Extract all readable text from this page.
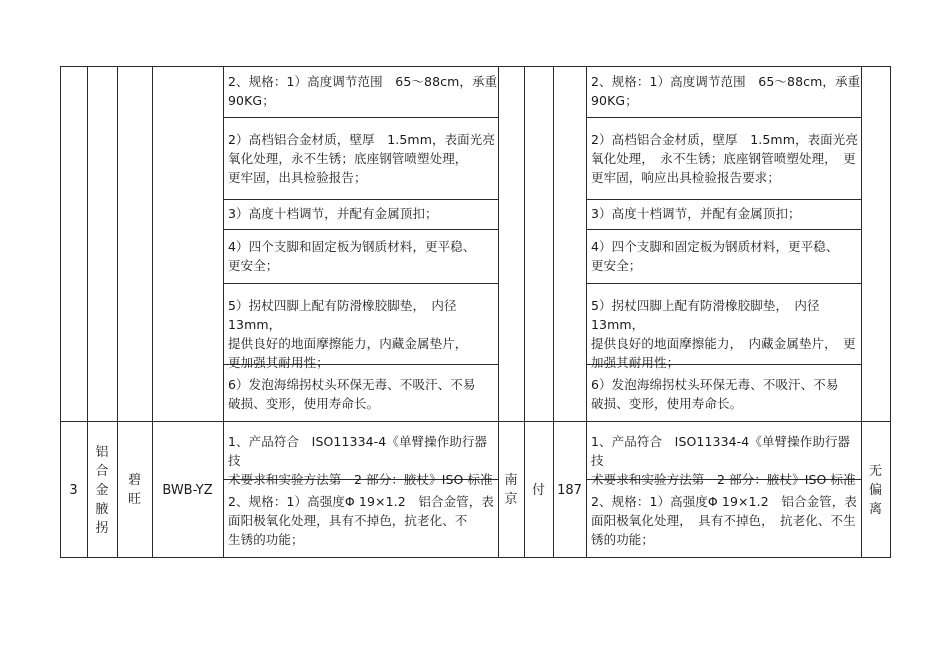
2、规格：1）高度调节范围　65～88cm，承重
90KG；
2）高档铝合金材质，壁厚　1.5mm，表面光亮
氧化处理，永不生锈；底座钢管喷塑处理，
更牢固，出具检验报告；
3）高度十档调节，并配有金属顶扣；
4）四个支脚和固定板为钢质材料，更平稳、
更安全；
5）拐杖四脚上配有防滑橡胶脚垫，　内径 13mm，
提供良好的地面摩擦能力，内藏金属垫片，
更加强其耐用性；
6）发泡海绵拐杖头环保无毒、不吸汗、不易
破损、变形，使用寿命长。
2、规格：1）高度调节范围　65～88cm，承重
90KG；
2）高档铝合金材质，壁厚　1.5mm，表面光亮
氧化处理，　永不生锈；底座钢管喷塑处理，　更
更牢固，响应出具检验报告要求；
3）高度十档调节，并配有金属顶扣；
4）四个支脚和固定板为钢质材料，更平稳、
更安全；
5）拐杖四脚上配有防滑橡胶脚垫，　内径 13mm，
提供良好的地面摩擦能力，　内藏金属垫片，　更
加强其耐用性；
6）发泡海绵拐杖头环保无毒、不吸汗、不易
破损、变形，使用寿命长。
3
铝
合
金
腋
拐
碧
旺
BWB-YZ
南
京
付 187
无
偏
离
1、产品符合　ISO11334-4《单臂操作助行器技
术要求和实验方法第　2 部分：腋杖》ISO 标准
2、规格：1）高强度Φ 19×1.2　铝合金管，表
面阳极氧化处理，具有不掉色，抗老化、不
生锈的功能；
1、产品符合　ISO11334-4《单臂操作助行器技
术要求和实验方法第　2 部分：腋杖》ISO 标准
2、规格：1）高强度Φ 19×1.2　铝合金管，表
面阳极氧化处理，　具有不掉色，　抗老化、不生
锈的功能；
